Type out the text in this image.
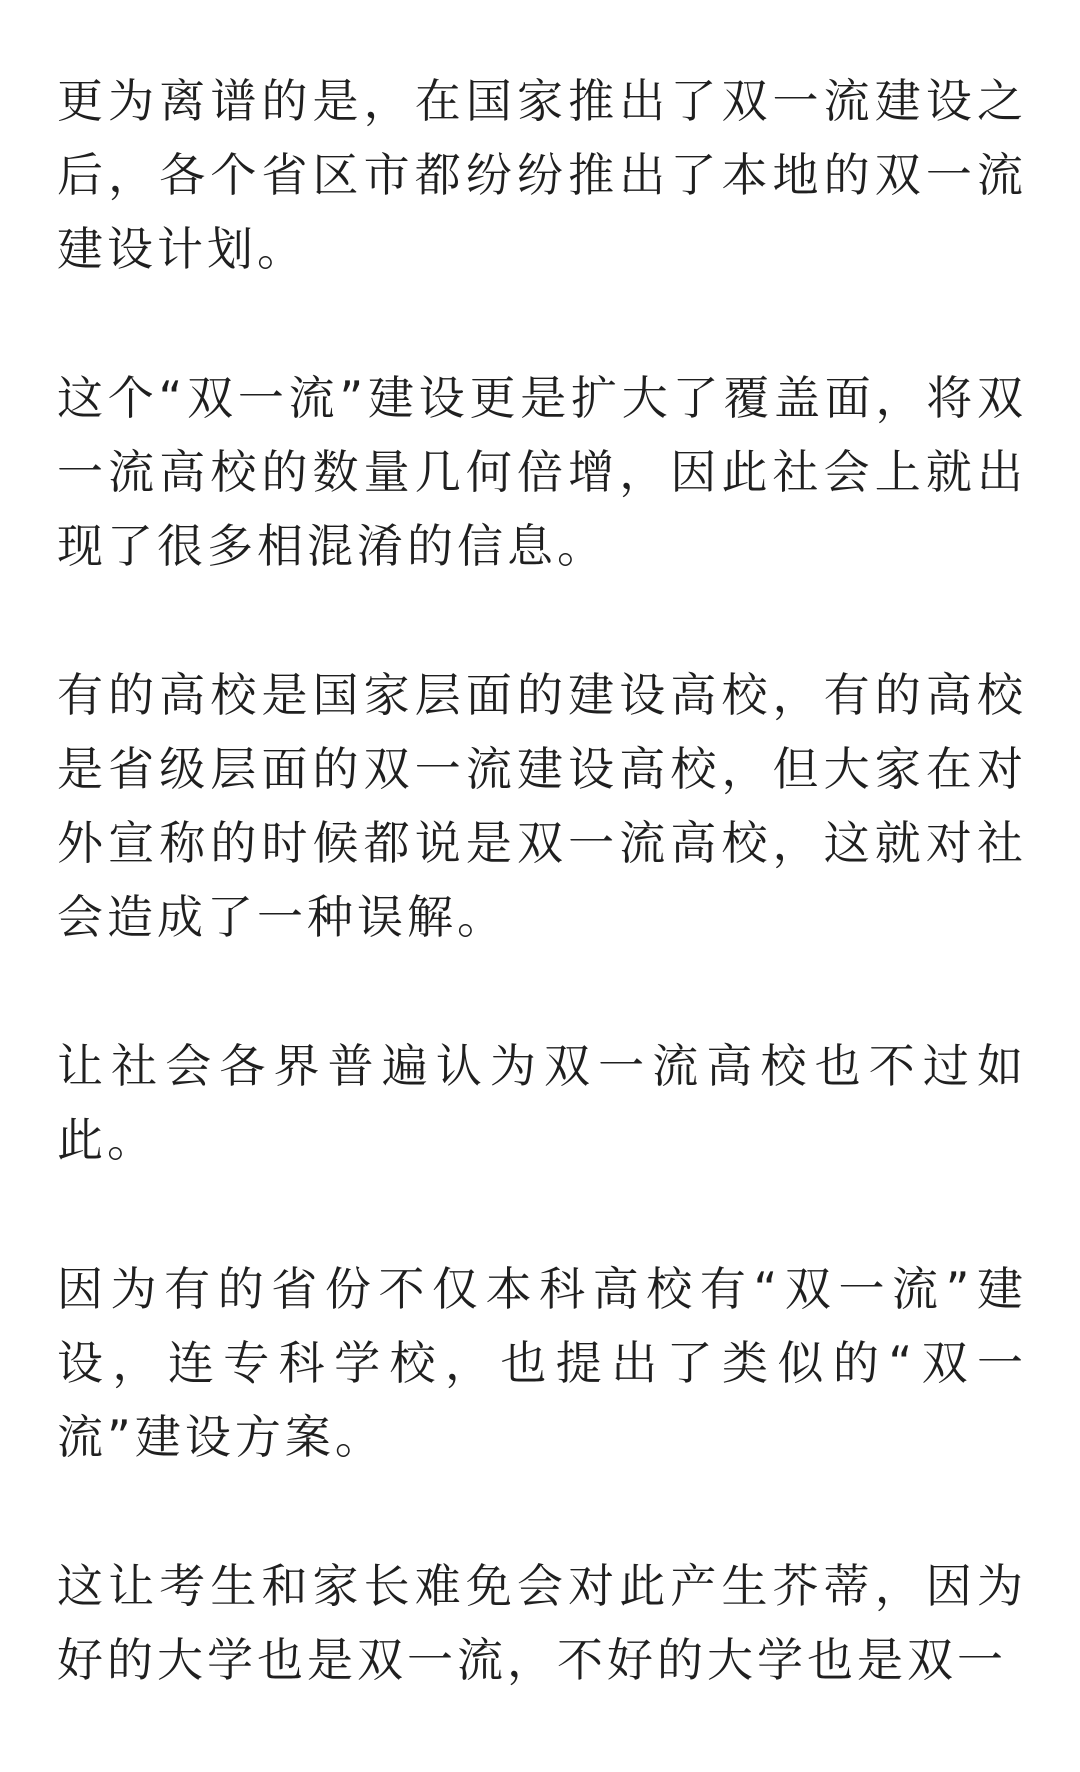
更为离谱的是，在国家推出了双一流建设之后，各个省区市都纷纷推出了本地的双一流建设计划。

这个“双一流”建设更是扩大了覆盖面，将双一流高校的数量几何倍增，因此社会上就出现了很多相混淆的信息。

有的高校是国家层面的建设高校，有的高校是省级层面的双一流建设高校，但大家在对外宣称的时候都说是双一流高校，这就对社会造成了一种误解。

让社会各界普遍认为双一流高校也不过如此。

因为有的省份不仅本科高校有“双一流”建设，连专科学校，也提出了类似的“双一流”建设方案。

这让考生和家长难免会对此产生芥蒂，因为好的大学也是双一流，不好的大学也是双一
